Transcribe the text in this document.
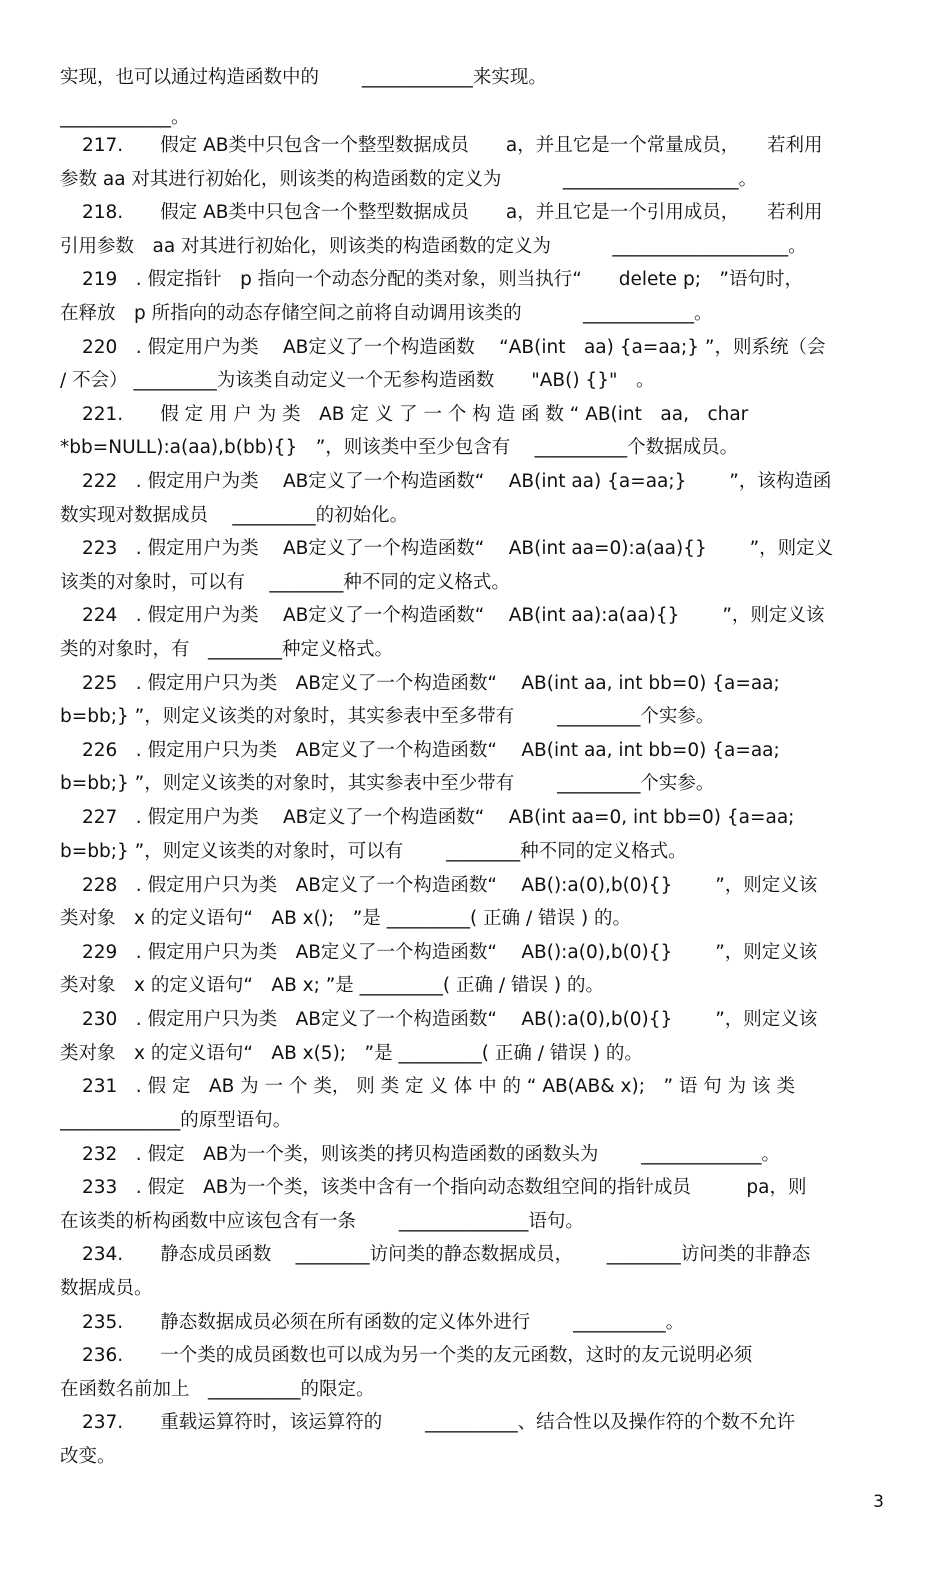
实现，也可以通过构造函数中的　　 ____________来实现。
____________。
217.　　假定 AB类中只包含一个整型数据成员　　a，并且它是一个常量成员，　　若利用
参数 aa 对其进行初始化，则该类的构造函数的定义为　　　 ___________________。
218.　　假定 AB类中只包含一个整型数据成员　　a，并且它是一个引用成员，　　若利用
引用参数　aa 对其进行初始化，则该类的构造函数的定义为　　　 ___________________。
219　. 假定指针　p 指向一个动态分配的类对象，则当执行“　　delete p;　”语句时，
在释放　p 所指向的动态存储空间之前将自动调用该类的　　　 ____________。
220　. 假定用户为类　 AB定义了一个构造函数　 “AB(int　aa) {a=aa;} ”，则系统（会
/ 不会） _________为该类自动定义一个无参构造函数　　"AB() {}"　。
221.　　假 定 用 户 为 类　AB 定 义 了 一 个 构 造 函 数 “ AB(int　aa,　char
*bb=NULL):a(aa),b(bb){}　”，则该类中至少包含有　 __________个数据成员。
222　. 假定用户为类　 AB定义了一个构造函数“　 AB(int aa) {a=aa;}　　 ”，该构造函
数实现对数据成员　 _________的初始化。
223　. 假定用户为类　 AB定义了一个构造函数“　 AB(int aa=0):a(aa){}　　 ”，则定义
该类的对象时，可以有　 ________种不同的定义格式。
224　. 假定用户为类　 AB定义了一个构造函数“　 AB(int aa):a(aa){}　　 ”，则定义该
类的对象时，有　________种定义格式。
225　. 假定用户只为类　AB定义了一个构造函数“　 AB(int aa, int bb=0) {a=aa;
b=bb;} ”，则定义该类的对象时，其实参表中至多带有　　 _________个实参。
226　. 假定用户只为类　AB定义了一个构造函数“　 AB(int aa, int bb=0) {a=aa;
b=bb;} ”，则定义该类的对象时，其实参表中至少带有　　 _________个实参。
227　. 假定用户为类　 AB定义了一个构造函数“　 AB(int aa=0, int bb=0) {a=aa;
b=bb;} ”，则定义该类的对象时，可以有　　 ________种不同的定义格式。
228　. 假定用户只为类　AB定义了一个构造函数“　 AB():a(0),b(0){}　　 ”，则定义该
类对象　x 的定义语句“　AB x();　”是 _________( 正确 / 错误 ) 的。
229　. 假定用户只为类　AB定义了一个构造函数“　 AB():a(0),b(0){}　　 ”，则定义该
类对象　x 的定义语句“　AB x; ”是 _________( 正确 / 错误 ) 的。
230　. 假定用户只为类　AB定义了一个构造函数“　 AB():a(0),b(0){}　　 ”，则定义该
类对象　x 的定义语句“　AB x(5);　”是 _________( 正确 / 错误 ) 的。
231　. 假 定　AB 为 一 个 类， 则 类 定 义 体 中 的 “ AB(AB& x);　” 语 句 为 该 类
_____________的原型语句。
232　. 假定　AB为一个类，则该类的拷贝构造函数的函数头为　　 _____________。
233　. 假定　AB为一个类，该类中含有一个指向动态数组空间的指针成员　　　pa，则
在该类的析构函数中应该包含有一条　　 ______________语句。
234.　　静态成员函数　 ________访问类的静态数据成员，　　 ________访问类的非静态
数据成员。
235.　　静态数据成员必须在所有函数的定义体外进行　　 __________。
236.　　一个类的成员函数也可以成为另一个类的友元函数，这时的友元说明必须
在函数名前加上　__________的限定。
237.　　重载运算符时，该运算符的　　 __________、结合性以及操作符的个数不允许
改变。
3
